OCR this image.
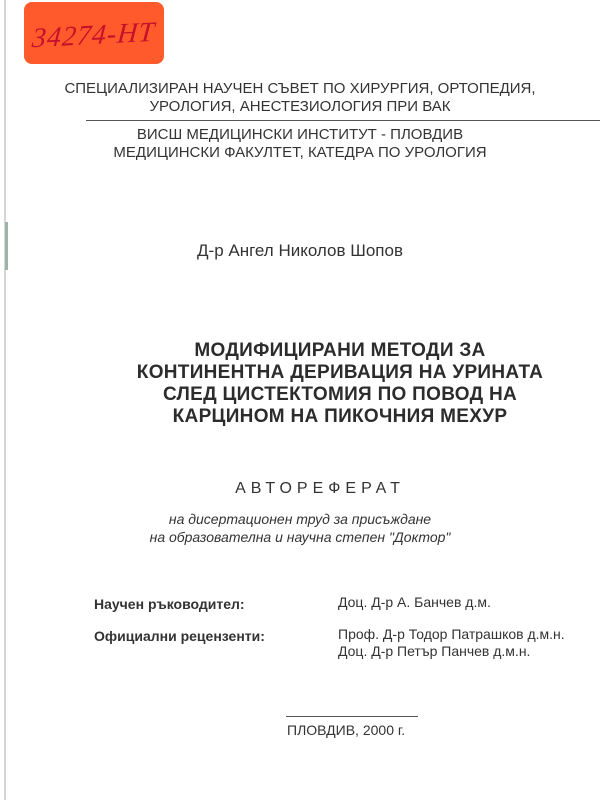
34274-НТ
СПЕЦИАЛИЗИРАН НАУЧЕН СЪВЕТ ПО ХИРУРГИЯ, ОРТОПЕДИЯ,
УРОЛОГИЯ, АНЕСТЕЗИОЛОГИЯ ПРИ ВАК
ВИСШ МЕДИЦИНСКИ ИНСТИТУТ - ПЛОВДИВ
МЕДИЦИНСКИ ФАКУЛТЕТ, КАТЕДРА ПО УРОЛОГИЯ
Д-р Ангел Николов Шопов
МОДИФИЦИРАНИ МЕТОДИ ЗА
КОНТИНЕНТНА ДЕРИВАЦИЯ НА УРИНАТА
СЛЕД ЦИСТЕКТОМИЯ ПО ПОВОД НА
КАРЦИНОМ НА ПИКОЧНИЯ МЕХУР
АВТОРЕФЕРАТ
на дисертационен труд за присъждане
на образователна и научна степен "Доктор"
Научен ръководител:	Доц. Д-р А. Банчев д.м.
Официални рецензенти:	Проф. Д-р Тодор Патрашков д.м.н.
Доц. Д-р Петър Панчев д.м.н.
ПЛОВДИВ, 2000 г.
